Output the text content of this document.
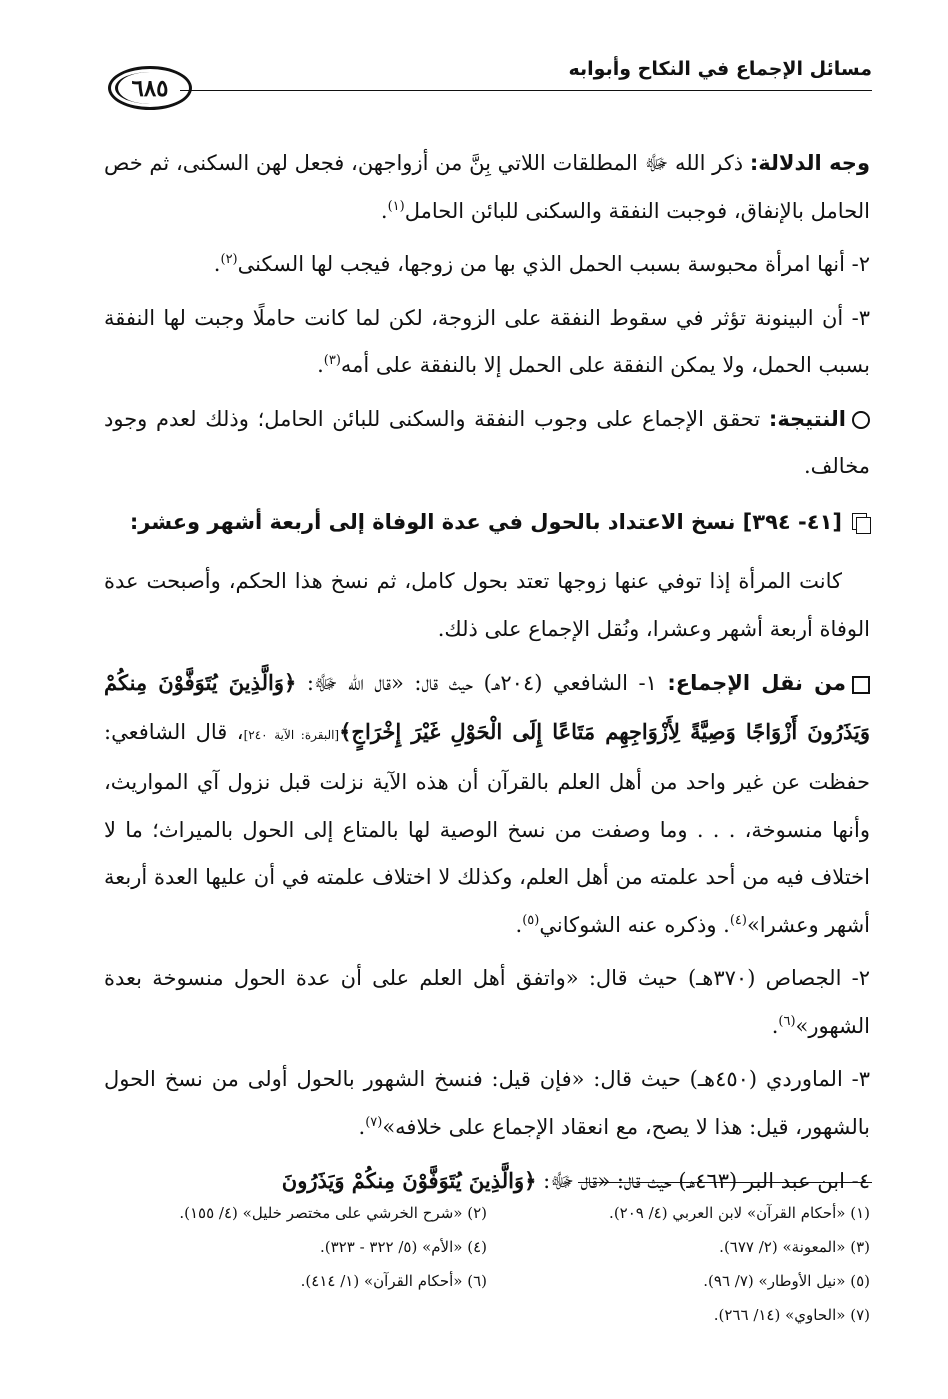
مسائل الإجماع في النكاح وأبوابه
٦٨٥

وجه الدلالة: ذكر الله ﷻ المطلقات اللاتي بِنَّ من أزواجهن، فجعل لهن السكنى، ثم خص الحامل بالإنفاق، فوجبت النفقة والسكنى للبائن الحامل$^{(١)}$.

٢- أنها امرأة محبوسة بسبب الحمل الذي بها من زوجها، فيجب لها السكنى$^{(٢)}$.

٣- أن البينونة تؤثر في سقوط النفقة على الزوجة، لكن لما كانت حاملًا وجبت لها النفقة بسبب الحمل، ولا يمكن النفقة على الحمل إلا بالنفقة على أمه$^{(٣)}$.

النتيجة: تحقق الإجماع على وجوب النفقة والسكنى للبائن الحامل؛ وذلك لعدم وجود مخالف.

[٤١- ٣٩٤] نسخ الاعتداد بالحول في عدة الوفاة إلى أربعة أشهر وعشر:

كانت المرأة إذا توفي عنها زوجها تعتد بحول كامل، ثم نسخ هذا الحكم، وأصبحت عدة الوفاة أربعة أشهر وعشرا، ونُقل الإجماع على ذلك.

من نقل الإجماع: ١- الشافعي (٢٠٤هـ) حيث قال: «قال الله ﷻ: ﴿وَالَّذِينَ يُتَوَفَّوْنَ مِنكُمْ وَيَذَرُونَ أَزْوَاجًا وَصِيَّةً لِأَزْوَاجِهِم مَتَاعًا إِلَى الْحَوْلِ غَيْرَ إِخْرَاجٍ﴾[البقرة: الآية ٢٤٠]، قال الشافعي: حفظت عن غير واحد من أهل العلم بالقرآن أن هذه الآية نزلت قبل نزول آي المواريث، وأنها منسوخة، . . . وما وصفت من نسخ الوصية لها بالمتاع إلى الحول بالميراث؛ ما لا اختلاف فيه من أحد علمته من أهل العلم، وكذلك لا اختلاف علمته في أن عليها العدة أربعة أشهر وعشرا»$^{(٤)}$. وذكره عنه الشوكاني$^{(٥)}$.

٢- الجصاص (٣٧٠هـ) حيث قال: «واتفق أهل العلم على أن عدة الحول منسوخة بعدة الشهور»$^{(٦)}$.

٣- الماوردي (٤٥٠هـ) حيث قال: «فإن قيل: فنسخ الشهور بالحول أولى من نسخ الحول بالشهور، قيل: هذا لا يصح، مع انعقاد الإجماع على خلافه»$^{(٧)}$.

٤- ابن عبد البر (٤٦٣هـ) حيث قال: «قال ﷻ: ﴿وَالَّذِينَ يُتَوَفَّوْنَ مِنكُمْ وَيَذَرُونَ

(١) «أحكام القرآن» لابن العربي (٤/ ٢٠٩).
(٢) «شرح الخرشي على مختصر خليل» (٤/ ١٥٥).
(٣) «المعونة» (٢/ ٦٧٧).
(٤) «الأم» (٥/ ٣٢٢ - ٣٢٣).
(٥) «نيل الأوطار» (٧/ ٩٦).
(٦) «أحكام القرآن» (١/ ٤١٤).
(٧) «الحاوي» (١٤/ ٢٦٦).
